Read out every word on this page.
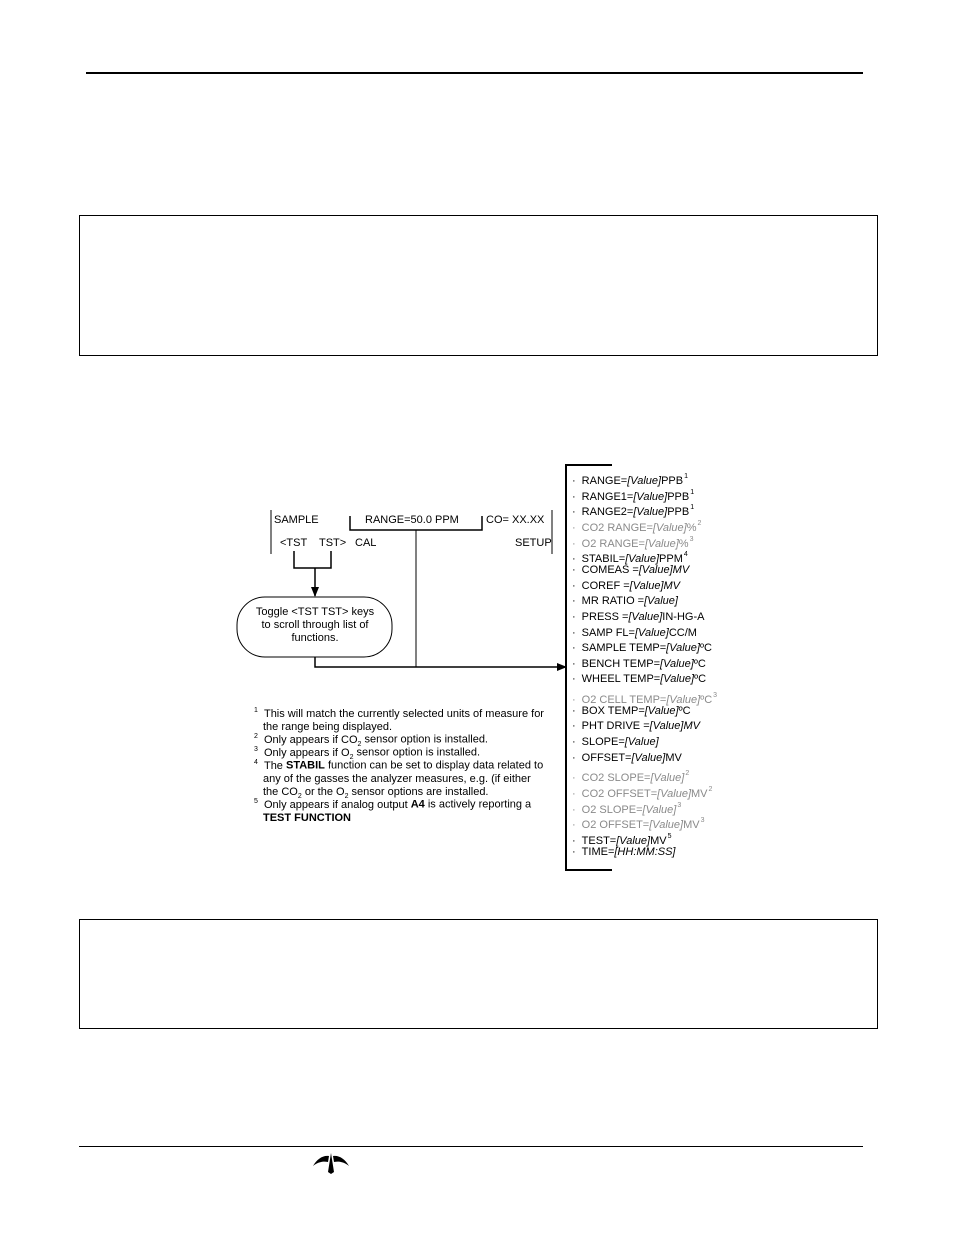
SAMPLE	RANGE=50.0 PPM CO= XX.XX
<TST TST> CAL	SETUP
Toggle <TST TST> keys
to scroll through list of
functions.
· $RANGE=[Value]PPB^1$
· $RANGE1=[Value]PPB^1$
· $RANGE2=[Value]PPB^1$
· CO2 RANGE=[Value]%$^2$
· O2 RANGE=[Value]%$^3$
· $STABIL=[Value]PPM^4$
· COMEAS =[Value]MV
· COREF =[Value]MV
· MR RATIO =[Value]
· PRESS =[Value]IN-HG-A
· SAMP FL=[Value]CC/M
· SAMPLE TEMP=[Value]ºC
· BENCH TEMP=[Value]ºC
· WHEEL TEMP=[Value]ºC
· O2 CELL TEMP=[Value]ºC$^3$
· BOX TEMP=[Value]ºC
· PHT DRIVE =[Value]MV
· SLOPE=[Value]
· OFFSET=[Value]MV
· CO2 SLOPE=[Value]$^2$
· CO2 $OFFSET=[Value]MV^2$
· O2 SLOPE=[Value]$^3$
· O2 $OFFSET=[Value]MV^3$
· $TEST=[Value]MV^5$
· TIME=[HH:MM:SS]
$^1$ This will match the currently selected units of measure for
the range being displayed.
$^2$ Only appears if $CO_2$ sensor option is installed.
$^3$ Only appears if $O_2$ sensor option is installed.
$^4$ The STABIL function can be set to display data related to
any of the gasses the analyzer measures, e.g. (if either
the $CO_2$ or the $O_2$ sensor options are installed.
$^5$ Only appears if analog output A4 is actively reporting a
TEST FUNCTION
